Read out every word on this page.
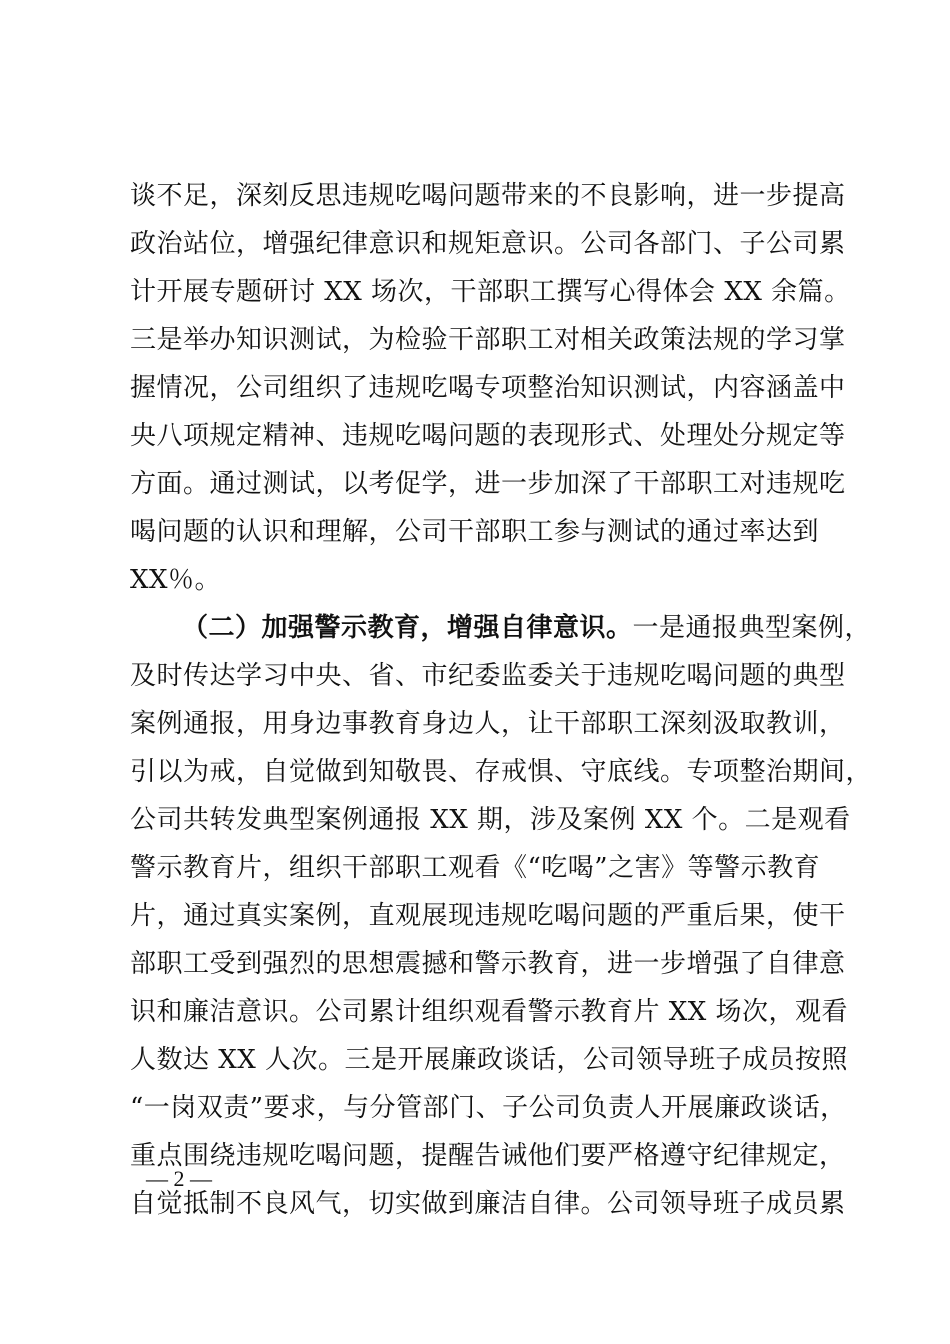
谈不足，深刻反思违规吃喝问题带来的不良影响，进一步提高
政治站位，增强纪律意识和规矩意识。公司各部门、子公司累
计开展专题研讨 XX 场次，干部职工撰写心得体会 XX 余篇。
三是举办知识测试，为检验干部职工对相关政策法规的学习掌
握情况，公司组织了违规吃喝专项整治知识测试，内容涵盖中
央八项规定精神、违规吃喝问题的表现形式、处理处分规定等
方面。通过测试，以考促学，进一步加深了干部职工对违规吃
喝问题的认识和理解，公司干部职工参与测试的通过率达到
XX％。
（二）加强警示教育，增强自律意识。一是通报典型案例，
及时传达学习中央、省、市纪委监委关于违规吃喝问题的典型
案例通报，用身边事教育身边人，让干部职工深刻汲取教训，
引以为戒，自觉做到知敬畏、存戒惧、守底线。专项整治期间，
公司共转发典型案例通报 XX 期，涉及案例 XX 个。二是观看
警示教育片，组织干部职工观看《“吃喝”之害》等警示教育
片，通过真实案例，直观展现违规吃喝问题的严重后果，使干
部职工受到强烈的思想震撼和警示教育，进一步增强了自律意
识和廉洁意识。公司累计组织观看警示教育片 XX 场次，观看
人数达 XX 人次。三是开展廉政谈话，公司领导班子成员按照
“一岗双责”要求，与分管部门、子公司负责人开展廉政谈话，
重点围绕违规吃喝问题，提醒告诫他们要严格遵守纪律规定，
自觉抵制不良风气，切实做到廉洁自律。公司领导班子成员累
— 2 —
